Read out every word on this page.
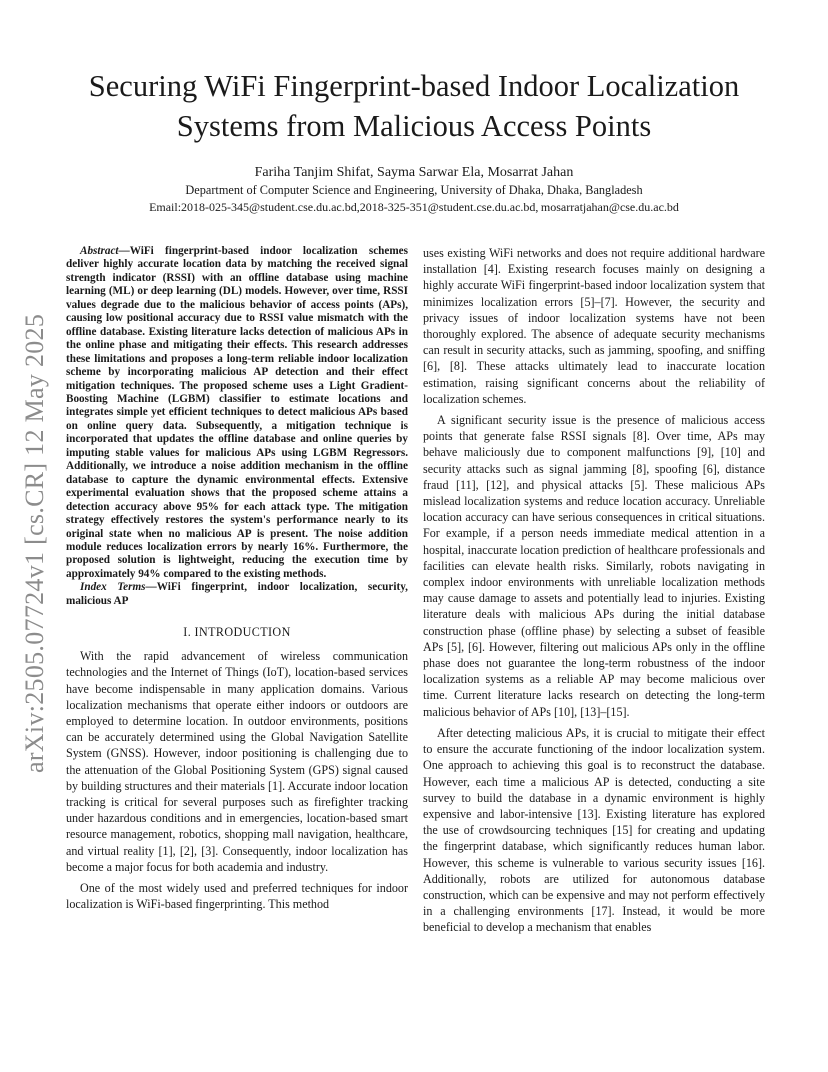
Securing WiFi Fingerprint-based Indoor Localization Systems from Malicious Access Points
Fariha Tanjim Shifat, Sayma Sarwar Ela, Mosarrat Jahan
Department of Computer Science and Engineering, University of Dhaka, Dhaka, Bangladesh
Email:2018-025-345@student.cse.du.ac.bd,2018-325-351@student.cse.du.ac.bd, mosarratjahan@cse.du.ac.bd
arXiv:2505.07724v1 [cs.CR] 12 May 2025

Abstract—WiFi fingerprint-based indoor localization schemes deliver highly accurate location data by matching the received signal strength indicator (RSSI) with an offline database using machine learning (ML) or deep learning (DL) models. However, over time, RSSI values degrade due to the malicious behavior of access points (APs), causing low positional accuracy due to RSSI value mismatch with the offline database. Existing literature lacks detection of malicious APs in the online phase and mitigating their effects. This research addresses these limitations and proposes a long-term reliable indoor localization scheme by incorporating malicious AP detection and their effect mitigation techniques. The proposed scheme uses a Light Gradient-Boosting Machine (LGBM) classifier to estimate locations and integrates simple yet efficient techniques to detect malicious APs based on online query data. Subsequently, a mitigation technique is incorporated that updates the offline database and online queries by imputing stable values for malicious APs using LGBM Regressors. Additionally, we introduce a noise addition mechanism in the offline database to capture the dynamic environmental effects. Extensive experimental evaluation shows that the proposed scheme attains a detection accuracy above 95% for each attack type. The mitigation strategy effectively restores the system's performance nearly to its original state when no malicious AP is present. The noise addition module reduces localization errors by nearly 16%. Furthermore, the proposed solution is lightweight, reducing the execution time by approximately 94% compared to the existing methods.

Index Terms—WiFi fingerprint, indoor localization, security, malicious AP

I. INTRODUCTION

With the rapid advancement of wireless communication technologies and the Internet of Things (IoT), location-based services have become indispensable in many application domains. Various localization mechanisms that operate either indoors or outdoors are employed to determine location. In outdoor environments, positions can be accurately determined using the Global Navigation Satellite System (GNSS). However, indoor positioning is challenging due to the attenuation of the Global Positioning System (GPS) signal caused by building structures and their materials [1]. Accurate indoor location tracking is critical for several purposes such as firefighter tracking under hazardous conditions and in emergencies, location-based smart resource management, robotics, shopping mall navigation, healthcare, and virtual reality [1], [2], [3]. Consequently, indoor localization has become a major focus for both academia and industry.

One of the most widely used and preferred techniques for indoor localization is WiFi-based fingerprinting. This method

uses existing WiFi networks and does not require additional hardware installation [4]. Existing research focuses mainly on designing a highly accurate WiFi fingerprint-based indoor localization system that minimizes localization errors [5]–[7]. However, the security and privacy issues of indoor localization systems have not been thoroughly explored. The absence of adequate security mechanisms can result in security attacks, such as jamming, spoofing, and sniffing [6], [8]. These attacks ultimately lead to inaccurate location estimation, raising significant concerns about the reliability of localization schemes.

A significant security issue is the presence of malicious access points that generate false RSSI signals [8]. Over time, APs may behave maliciously due to component malfunctions [9], [10] and security attacks such as signal jamming [8], spoofing [6], distance fraud [11], [12], and physical attacks [5]. These malicious APs mislead localization systems and reduce location accuracy. Unreliable location accuracy can have serious consequences in critical situations. For example, if a person needs immediate medical attention in a hospital, inaccurate location prediction of healthcare professionals and facilities can elevate health risks. Similarly, robots navigating in complex indoor environments with unreliable localization methods may cause damage to assets and potentially lead to injuries. Existing literature deals with malicious APs during the initial database construction phase (offline phase) by selecting a subset of feasible APs [5], [6]. However, filtering out malicious APs only in the offline phase does not guarantee the long-term robustness of the indoor localization systems as a reliable AP may become malicious over time. Current literature lacks research on detecting the long-term malicious behavior of APs [10], [13]–[15].

After detecting malicious APs, it is crucial to mitigate their effect to ensure the accurate functioning of the indoor localization system. One approach to achieving this goal is to reconstruct the database. However, each time a malicious AP is detected, conducting a site survey to build the database in a dynamic environment is highly expensive and labor-intensive [13]. Existing literature has explored the use of crowdsourcing techniques [15] for creating and updating the fingerprint database, which significantly reduces human labor. However, this scheme is vulnerable to various security issues [16]. Additionally, robots are utilized for autonomous database construction, which can be expensive and may not perform effectively in a challenging environments [17]. Instead, it would be more beneficial to develop a mechanism that enables
